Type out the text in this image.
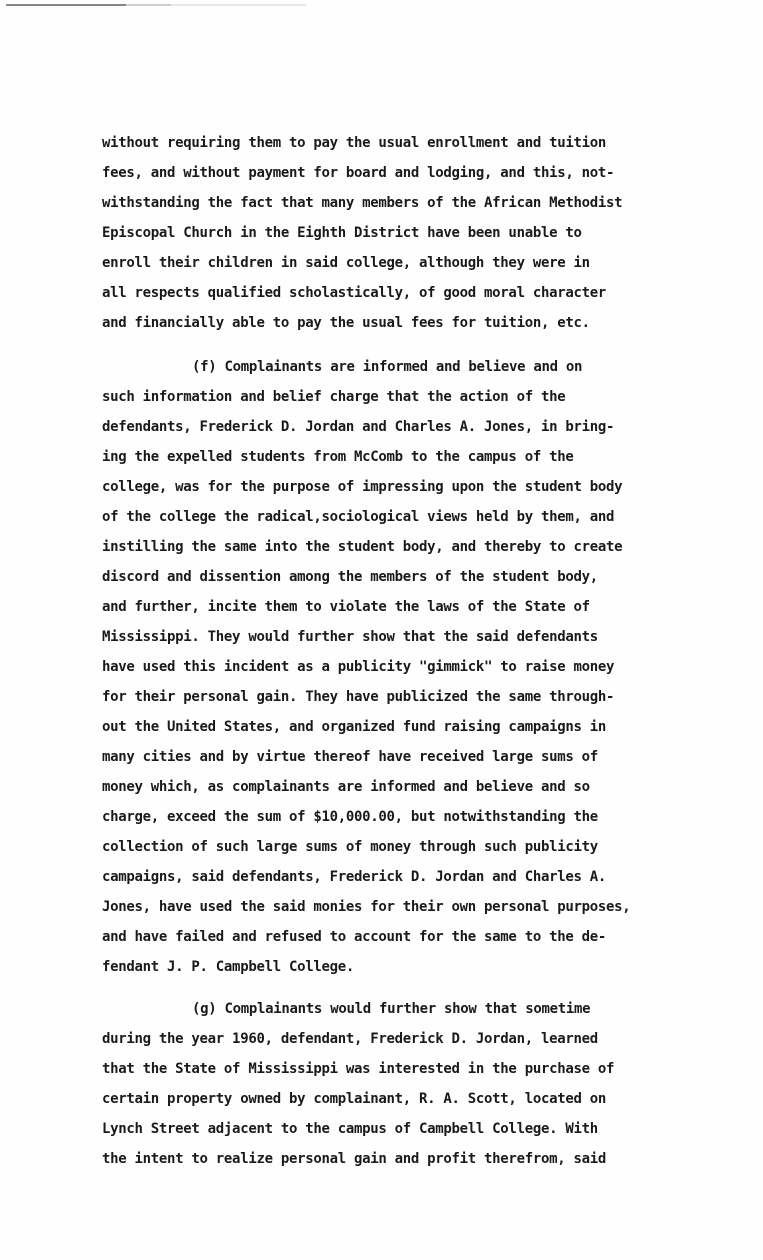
without requiring them to pay the usual enrollment and tuition
fees, and without payment for board and lodging, and this, not-
withstanding the fact that many members of the African Methodist
Episcopal Church in the Eighth District have been unable to
enroll their children in said college, although they were in
all respects qualified scholastically, of good moral character
and financially able to pay the usual fees for tuition, etc.
(f) Complainants are informed and believe and on
such information and belief charge that the action of the
defendants, Frederick D. Jordan and Charles A. Jones, in bring-
ing the expelled students from McComb to the campus of the
college, was for the purpose of impressing upon the student body
of the college the radical,sociological views held by them, and
instilling the same into the student body, and thereby to create
discord and dissention among the members of the student body,
and further, incite them to violate the laws of the State of
Mississippi. They would further show that the said defendants
have used this incident as a publicity "gimmick" to raise money
for their personal gain. They have publicized the same through-
out the United States, and organized fund raising campaigns in
many cities and by virtue thereof have received large sums of
money which, as complainants are informed and believe and so
charge, exceed the sum of $10,000.00, but notwithstanding the
collection of such large sums of money through such publicity
campaigns, said defendants, Frederick D. Jordan and Charles A.
Jones, have used the said monies for their own personal purposes,
and have failed and refused to account for the same to the de-
fendant J. P. Campbell College.
(g) Complainants would further show that sometime
during the year 1960, defendant, Frederick D. Jordan, learned
that the State of Mississippi was interested in the purchase of
certain property owned by complainant, R. A. Scott, located on
Lynch Street adjacent to the campus of Campbell College. With
the intent to realize personal gain and profit therefrom, said
